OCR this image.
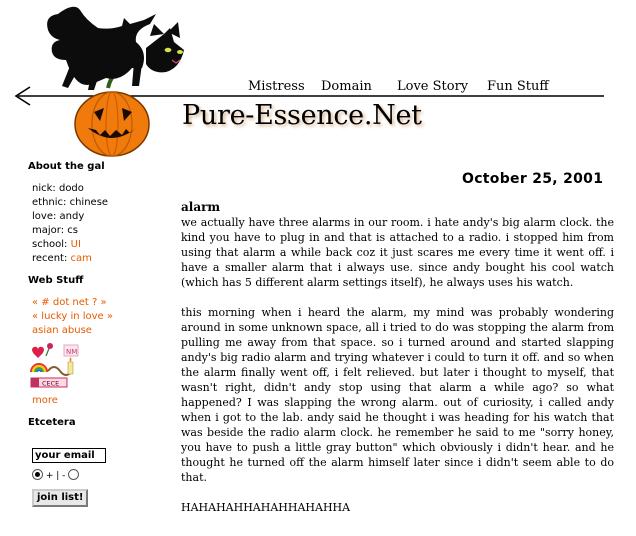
Mistress Domain Love Story Fun Stuff
Pure-Essence.Net
About the gal
nick: dodo
ethnic: chinese
love: andy
major: cs
school: UI
recent: cam
Web Stuff
« # dot net ? »
« lucky in love »
asian abuse
NM
CECE
more
Etcetera
your email
+ | -
join list!
October 25, 2001
alarm

we actually have three alarms in our room. i hate andy's big alarm clock. the kind you have to plug in and that is attached to a radio. i stopped him from using that alarm a while back coz it just scares me every time it went off. i have a smaller alarm that i always use. since andy bought his cool watch (which has 5 different alarm settings itself), he always uses his watch.

this morning when i heard the alarm, my mind was probably wondering around in some unknown space, all i tried to do was stopping the alarm from pulling me away from that space. so i turned around and started slapping andy's big radio alarm and trying whatever i could to turn it off. and so when the alarm finally went off, i felt relieved. but later i thought to myself, that wasn't right, didn't andy stop using that alarm a while ago? so what happened? I was slapping the wrong alarm. out of curiosity, i called andy when i got to the lab. andy said he thought i was heading for his watch that was beside the radio alarm clock. he remember he said to me "sorry honey, you have to push a little gray button" which obviously i didn't hear. and he thought he turned off the alarm himself later since i didn't seem able to do that.

HAHAHAHHAHAHHAHAHHA
